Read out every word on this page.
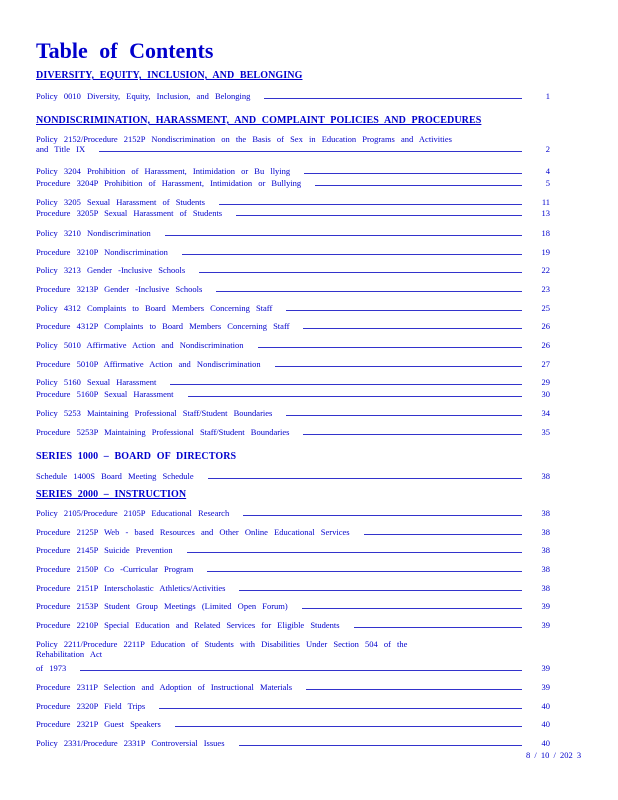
Table of Contents
DIVERSITY, EQUITY, INCLUSION, AND BELONGING
Policy 0010 Diversity, Equity, Inclusion, and Belonging	1
NONDISCRIMINATION, HARASSMENT, AND COMPLAINT POLICIES AND PROCEDURES
Policy 2152/Procedure 2152P Nondiscrimination on the Basis of Sex in Education Programs and Activities
and Title IX	2
Policy 3204 Prohibition of Harassment, Intimidation or Bu llying	4
Procedure 3204P Prohibition of Harassment, Intimidation or Bullying	5
Policy 3205 Sexual Harassment of Students	11
Procedure 3205P Sexual Harassment of Students	13
Policy 3210 Nondiscrimination	18
Procedure 3210P Nondiscrimination	19
Policy 3213 Gender -Inclusive Schools	22
Procedure 3213P Gender -Inclusive Schools	23
Policy 4312 Complaints to Board Members Concerning Staff	25
Procedure 4312P Complaints to Board Members Concerning Staff	26
Policy 5010 Affirmative Action and Nondiscrimination	26
Procedure 5010P Affirmative Action and Nondiscrimination	27
Policy 5160 Sexual Harassment	29
Procedure 5160P Sexual Harassment	30
Policy 5253 Maintaining Professional Staff/Student Boundaries	34
Procedure 5253P Maintaining Professional Staff/Student Boundaries	35
SERIES 1000 – BOARD OF DIRECTORS
Schedule 1400S Board Meeting Schedule	38
SERIES 2000 – INSTRUCTION
Policy 2105/Procedure 2105P Educational Research	38
Procedure 2125P Web - based Resources and Other Online Educational Services	38
Procedure 2145P Suicide Prevention	38
Procedure 2150P Co -Curricular Program	38
Procedure 2151P Interscholastic Athletics/Activities	38
Procedure 2153P Student Group Meetings (Limited Open Forum)	39
Procedure 2210P Special Education and Related Services for Eligible Students	39
Policy 2211/Procedure 2211P Education of Students with Disabilities Under Section 504 of the
Rehabilitation Act
of 1973	39
Procedure 2311P Selection and Adoption of Instructional Materials	39
Procedure 2320P Field Trips	40
Procedure 2321P Guest Speakers	40
Policy 2331/Procedure 2331P Controversial Issues	40
8 / 10 / 202 3
